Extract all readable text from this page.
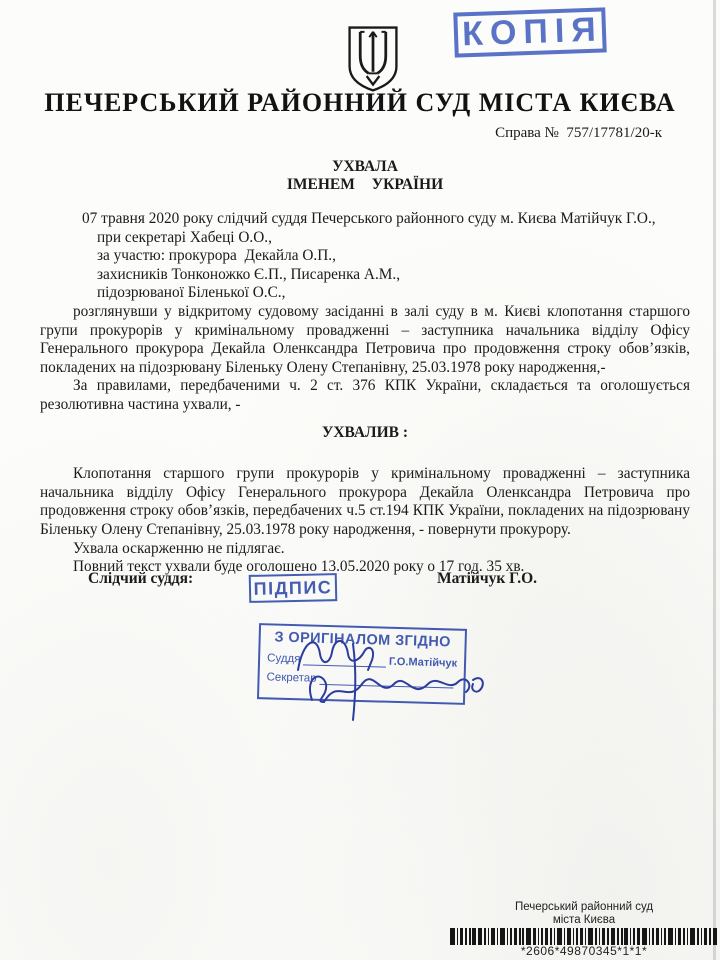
КОПІЯ
ПЕЧЕРСЬКИЙ РАЙОННИЙ СУД МІСТА КИЄВА
Справа №  757/17781/20-к
УХВАЛА
ІМЕНЕМ УКРАЇНИ
07 травня 2020 року слідчий суддя Печерського районного суду м. Києва Матійчук Г.О.,
при секретарі Хабеці О.О.,
за участю: прокурора  Декайла О.П.,
захисників Тонконожко Є.П., Писаренка А.М.,
підозрюваної Біленької О.С.,
розглянувши у відкритому судовому засіданні в залі суду в м. Києві клопотання старшого групи прокурорів у кримінальному провадженні – заступника начальника відділу Офісу Генерального прокурора Декайла Оленксандра Петровича про продовження строку обов’язків, покладених на підозрювану Біленьку Олену Степанівну, 25.03.1978 року народження,-
За правилами, передбаченими ч. 2 ст. 376 КПК України, складається та оголошується резолютивна частина ухвали, -
УХВАЛИВ :
Клопотання старшого групи прокурорів у кримінальному провадженні – заступника начальника відділу Офісу Генерального прокурора Декайла Оленксандра Петровича про продовження строку обов’язків, передбачених ч.5 ст.194 КПК України, покладених на підозрювану Біленьку Олену Степанівну, 25.03.1978 року народження, - повернути прокурору.
Ухвала оскарженню не підлягає.
Повний текст ухвали буде оголошено 13.05.2020 року о 17 год. 35 хв.
Слідчий суддя:	ПІДПИС	Матійчук Г.О.
З ОРИГІНАЛОМ ЗГІДНО
Суддя	Г.О.Матійчук
Секретар
Печерський районний суд
міста Києва
*2606*49870345*1*1*
